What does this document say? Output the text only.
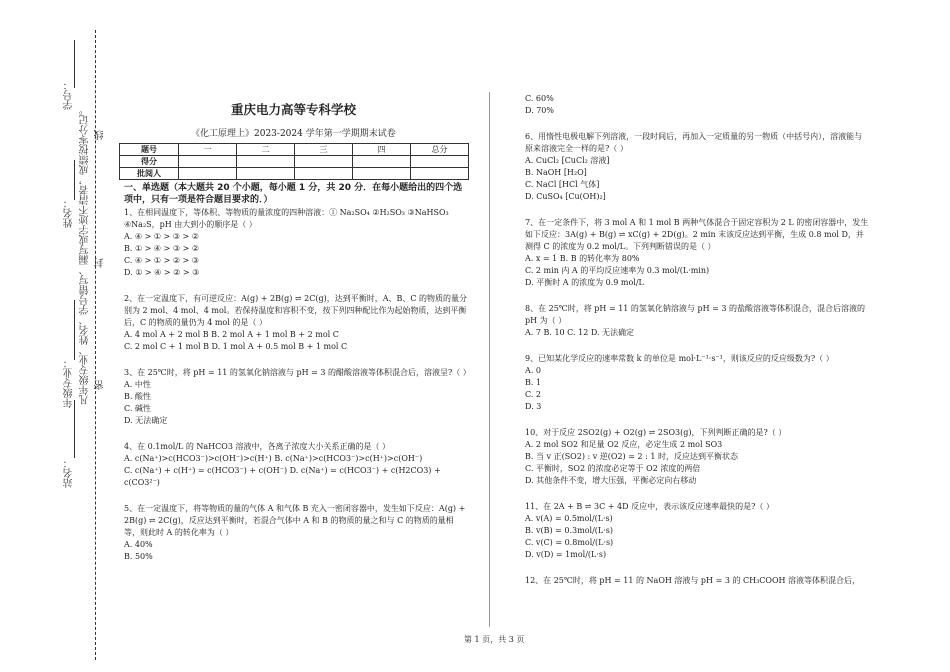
学号：
姓名：
年级专业：
站名：
凡年级专业、姓名、学号错写、漏写或字迹不清者，成绩按零分记。 密
封
线
重庆电力高等专科学校
《化工原理上》2023-2024 学年第一学期期末试卷
题号	一	二	三	四	总分
得分					
批阅人					
一、单选题（本大题共 20 个小题，每小题 1 分，共 20 分．在每小题给出的四个选项中，只有一项是符合题目要求的．）
1、在相同温度下，等体积、等物质的量浓度的四种溶液：① Na₂SO₄ ②H₂SO₃ ③NaHSO₃ ④Na₂S，pH 由大到小的顺序是（ ）
A. ④ > ① > ③ > ②
B. ① > ④ > ③ > ②
C. ④ > ① > ② > ③
D. ① > ④ > ② > ③
2、在一定温度下，有可逆反应：A(g) + 2B(g) ⇌ 2C(g)，达到平衡时，A、B、C 的物质的量分别为 2 mol、4 mol、4 mol。若保持温度和容积不变，按下列四种配比作为起始物质，达到平衡后，C 的物质的量仍为 4 mol 的是（ ）
A. 4 mol A + 2 mol B B. 2 mol A + 1 mol B + 2 mol C
C. 2 mol C + 1 mol B D. 1 mol A + 0.5 mol B + 1 mol C
3、在 25℃时，将 pH = 11 的氢氧化钠溶液与 pH = 3 的醋酸溶液等体积混合后，溶液呈?（ ）
A. 中性
B. 酸性
C. 碱性
D. 无法确定
4、在 0.1mol/L 的 NaHCO3 溶液中，各离子浓度大小关系正确的是（ ）
A. c(Na⁺)>c(HCO3⁻)>c(OH⁻)>c(H⁺) B. c(Na⁺)>c(HCO3⁻)>c(H⁺)>c(OH⁻)
C. c(Na⁺) + c(H⁺) = c(HCO3⁻) + c(OH⁻) D. c(Na⁺) = c(HCO3⁻) + c(H2CO3) + c(CO3²⁻)
5、在一定温度下，将等物质的量的气体 A 和气体 B 充入一密闭容器中，发生如下反应：A(g) + 2B(g) ⇌ 2C(g)，反应达到平衡时，若混合气体中 A 和 B 的物质的量之和与 C 的物质的量相等，则此时 A 的转化率为（ ）
A. 40%
B. 50%
C. 60%
D. 70%
6、用惰性电极电解下列溶液，一段时间后，再加入一定质量的另一物质（中括号内），溶液能与原来溶液完全一样的是?（ ）
A. CuCl₂ [CuCl₂ 溶液]
B. NaOH [H₂O]
C. NaCl [HCl 气体]
D. CuSO₄ [Cu(OH)₂]
7、在一定条件下，将 3 mol A 和 1 mol B 两种气体混合于固定容积为 2 L 的密闭容器中，发生如下反应：3A(g) + B(g) ⇌ xC(g) + 2D(g)。2 min 末该反应达到平衡，生成 0.8 mol D，并测得 C 的浓度为 0.2 mol/L。下列判断错误的是（ ）
A. x = 1 B. B 的转化率为 80%
C. 2 min 内 A 的平均反应速率为 0.3 mol/(L·min)
D. 平衡时 A 的浓度为 0.9 mol/L
8、在 25℃时，将 pH = 11 的氢氧化钠溶液与 pH = 3 的盐酸溶液等体积混合，混合后溶液的 pH 为（ ）
A. 7 B. 10 C. 12 D. 无法确定
9、已知某化学反应的速率常数 k 的单位是 mol·L⁻¹·s⁻¹，则该反应的反应级数为?（ ）
A. 0
B. 1
C. 2
D. 3
10、对于反应 2SO2(g) + O2(g) ⇌ 2SO3(g)，下列判断正确的是?（ ）
A. 2 mol SO2 和足量 O2 反应，必定生成 2 mol SO3
B. 当 v 正(SO2) : v 逆(O2) = 2 : 1 时，反应达到平衡状态
C. 平衡时，SO2 的浓度必定等于 O2 浓度的两倍
D. 其他条件不变，增大压强，平衡必定向右移动
11、在 2A + B ⇌ 3C + 4D 反应中，表示该反应速率最快的是?（ ）
A. v(A) = 0.5mol/(L·s)
B. v(B) = 0.3mol/(L·s)
C. v(C) = 0.8mol/(L·s)
D. v(D) = 1mol/(L·s)
12、在 25℃时，将 pH = 11 的 NaOH 溶液与 pH = 3 的 CH₃COOH 溶液等体积混合后，
第 1 页，共 3 页
